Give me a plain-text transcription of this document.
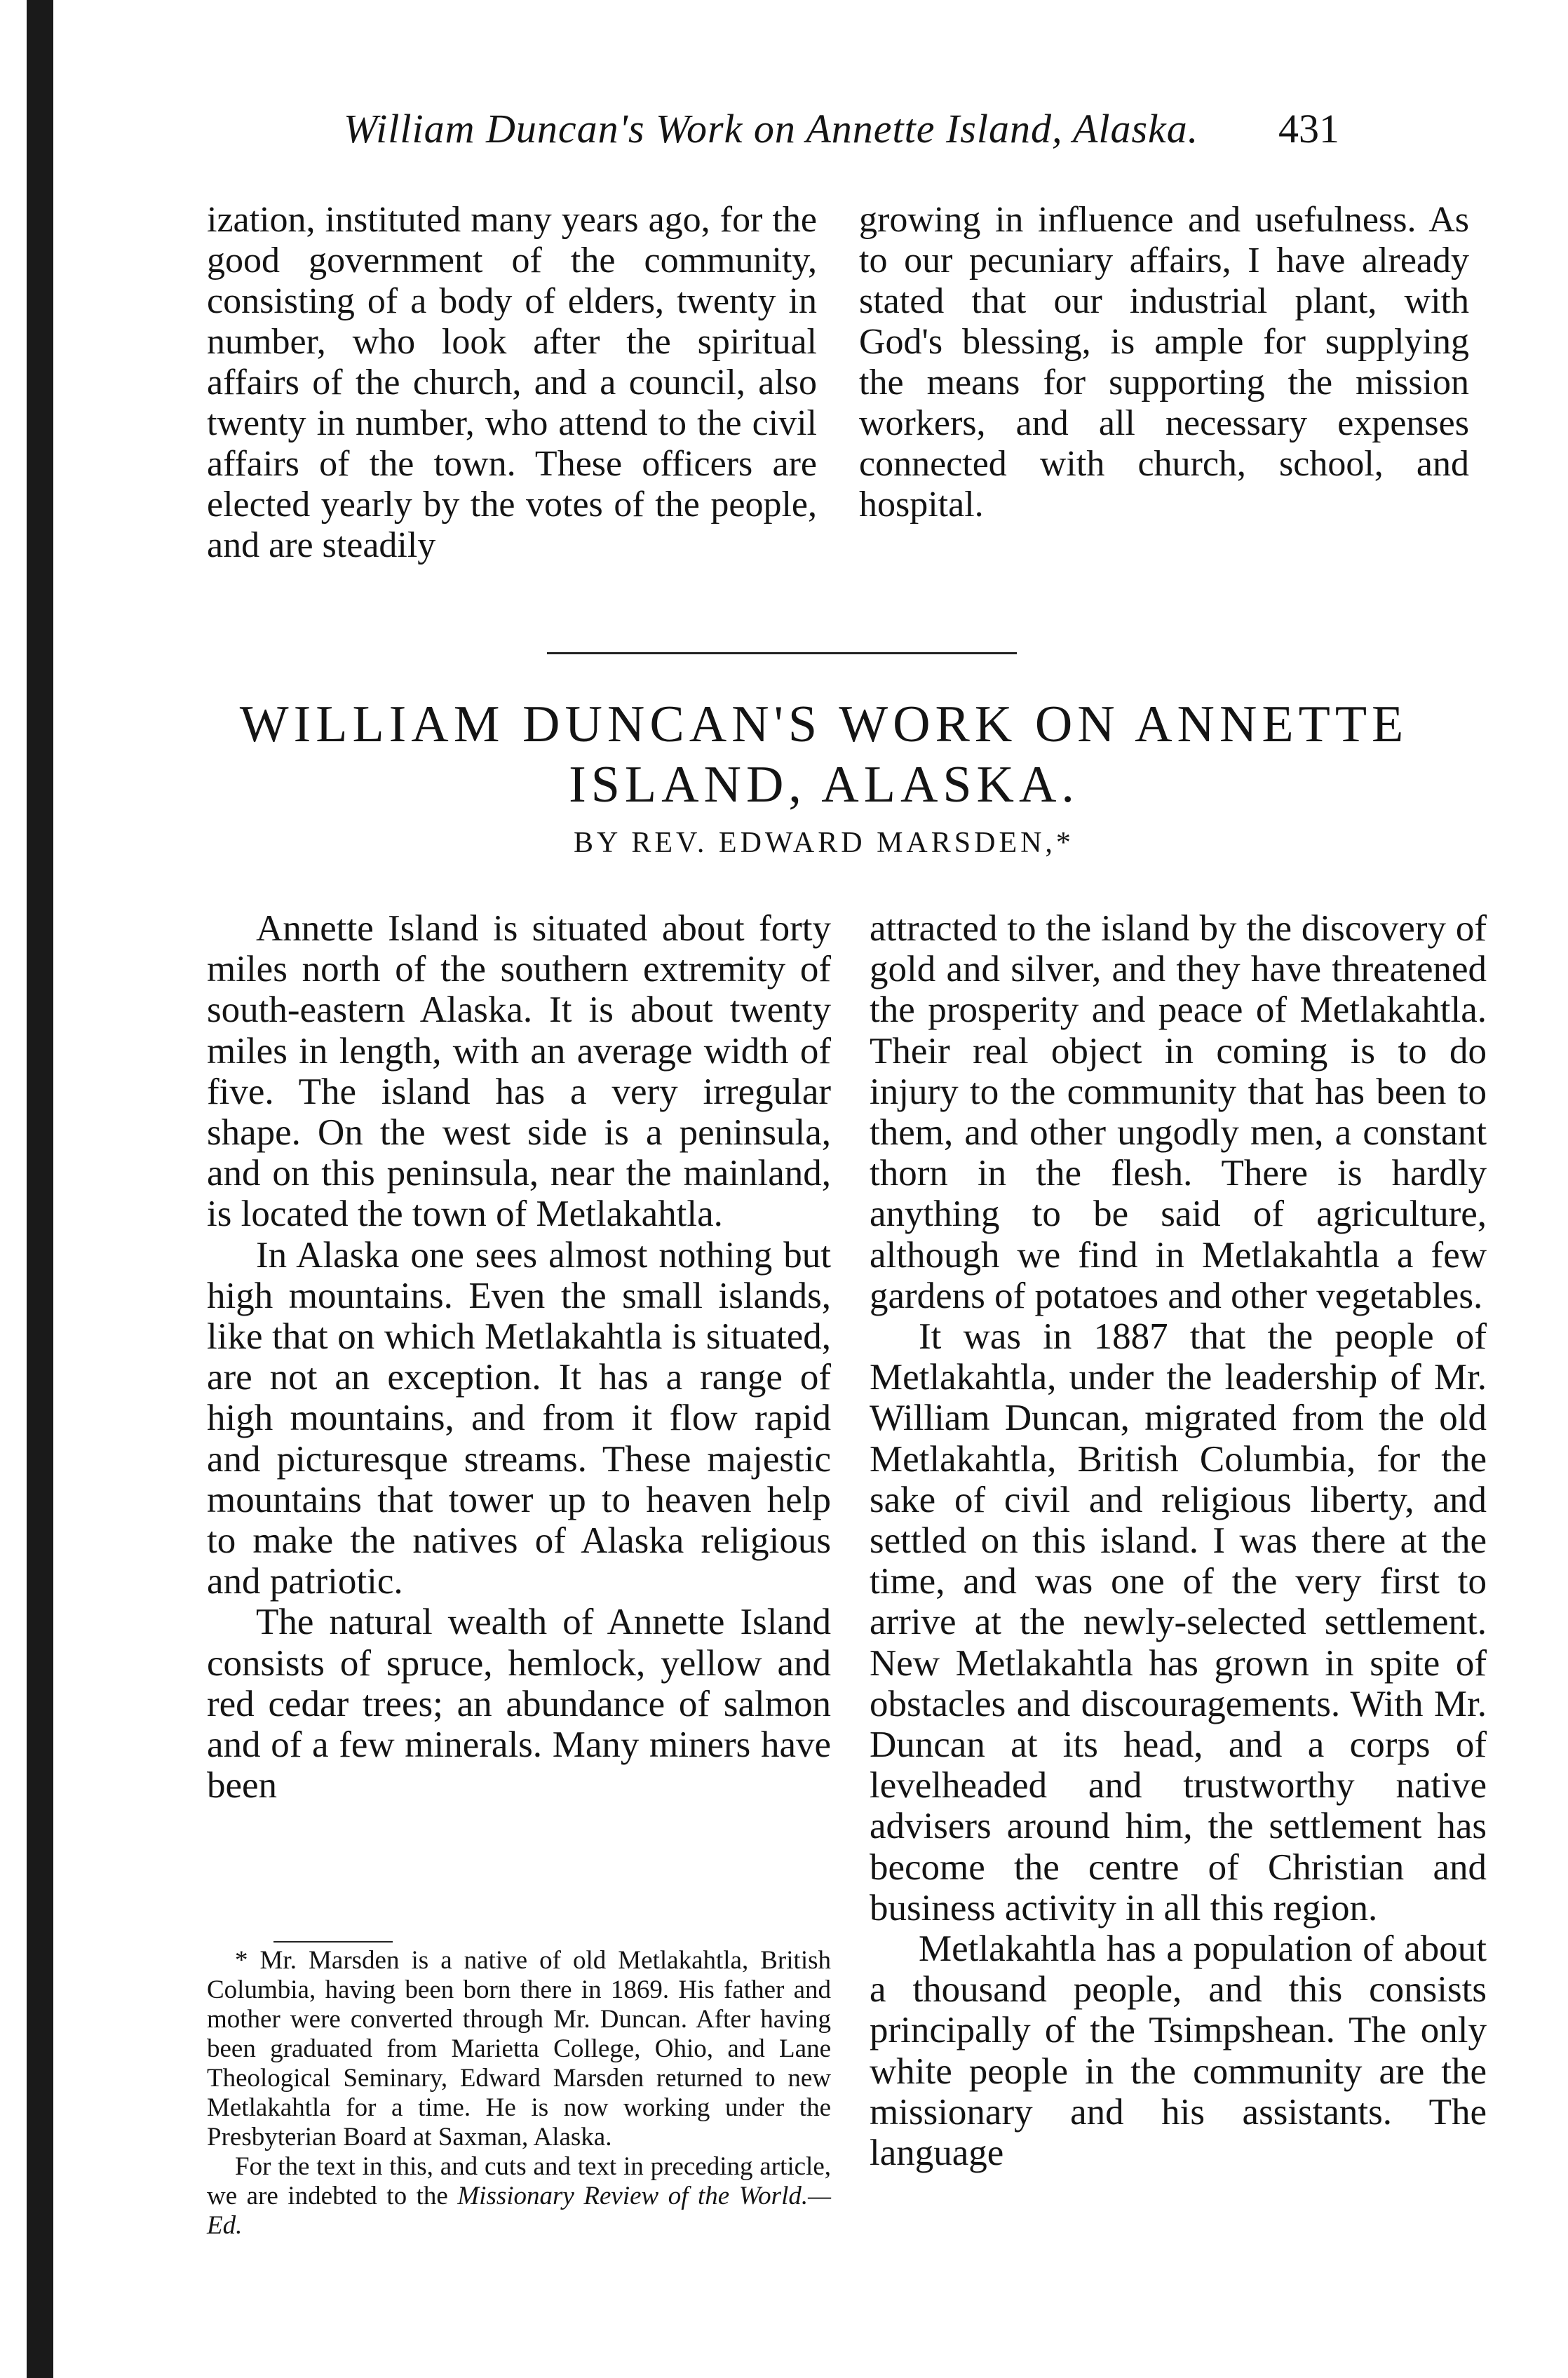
William Duncan's Work on Annette Island, Alaska. 431

ization, instituted many years ago, for the good government of the community, consisting of a body of elders, twenty in number, who look after the spiritual affairs of the church, and a council, also twenty in number, who attend to the civil affairs of the town. These officers are elected yearly by the votes of the people, and are steadily

growing in influence and usefulness. As to our pecuniary affairs, I have already stated that our industrial plant, with God's blessing, is ample for supplying the means for supporting the mission workers, and all necessary expenses connected with church, school, and hospital.

WILLIAM DUNCAN'S WORK ON ANNETTE ISLAND, ALASKA.
BY REV. EDWARD MARSDEN,*

Annette Island is situated about forty miles north of the southern extremity of south-eastern Alaska. It is about twenty miles in length, with an average width of five. The island has a very irregular shape. On the west side is a peninsula, and on this peninsula, near the mainland, is located the town of Metlakahtla.

In Alaska one sees almost nothing but high mountains. Even the small islands, like that on which Metlakahtla is situated, are not an exception. It has a range of high mountains, and from it flow rapid and picturesque streams. These majestic mountains that tower up to heaven help to make the natives of Alaska religious and patriotic.

The natural wealth of Annette Island consists of spruce, hemlock, yellow and red cedar trees; an abundance of salmon and of a few minerals. Many miners have been

attracted to the island by the discovery of gold and silver, and they have threatened the prosperity and peace of Metlakahtla. Their real object in coming is to do injury to the community that has been to them, and other ungodly men, a constant thorn in the flesh. There is hardly anything to be said of agriculture, although we find in Metlakahtla a few gardens of potatoes and other vegetables.

It was in 1887 that the people of Metlakahtla, under the leadership of Mr. William Duncan, migrated from the old Metlakahtla, British Columbia, for the sake of civil and religious liberty, and settled on this island. I was there at the time, and was one of the very first to arrive at the newly-selected settlement. New Metlakahtla has grown in spite of obstacles and discouragements. With Mr. Duncan at its head, and a corps of levelheaded and trustworthy native advisers around him, the settlement has become the centre of Christian and business activity in all this region.

Metlakahtla has a population of about a thousand people, and this consists principally of the Tsimpshean. The only white people in the community are the missionary and his assistants. The language

* Mr. Marsden is a native of old Metlakahtla, British Columbia, having been born there in 1869. His father and mother were converted through Mr. Duncan. After having been graduated from Marietta College, Ohio, and Lane Theological Seminary, Edward Marsden returned to new Metlakahtla for a time. He is now working under the Presbyterian Board at Saxman, Alaska.

For the text in this, and cuts and text in preceding article, we are indebted to the Missionary Review of the World.—Ed.
